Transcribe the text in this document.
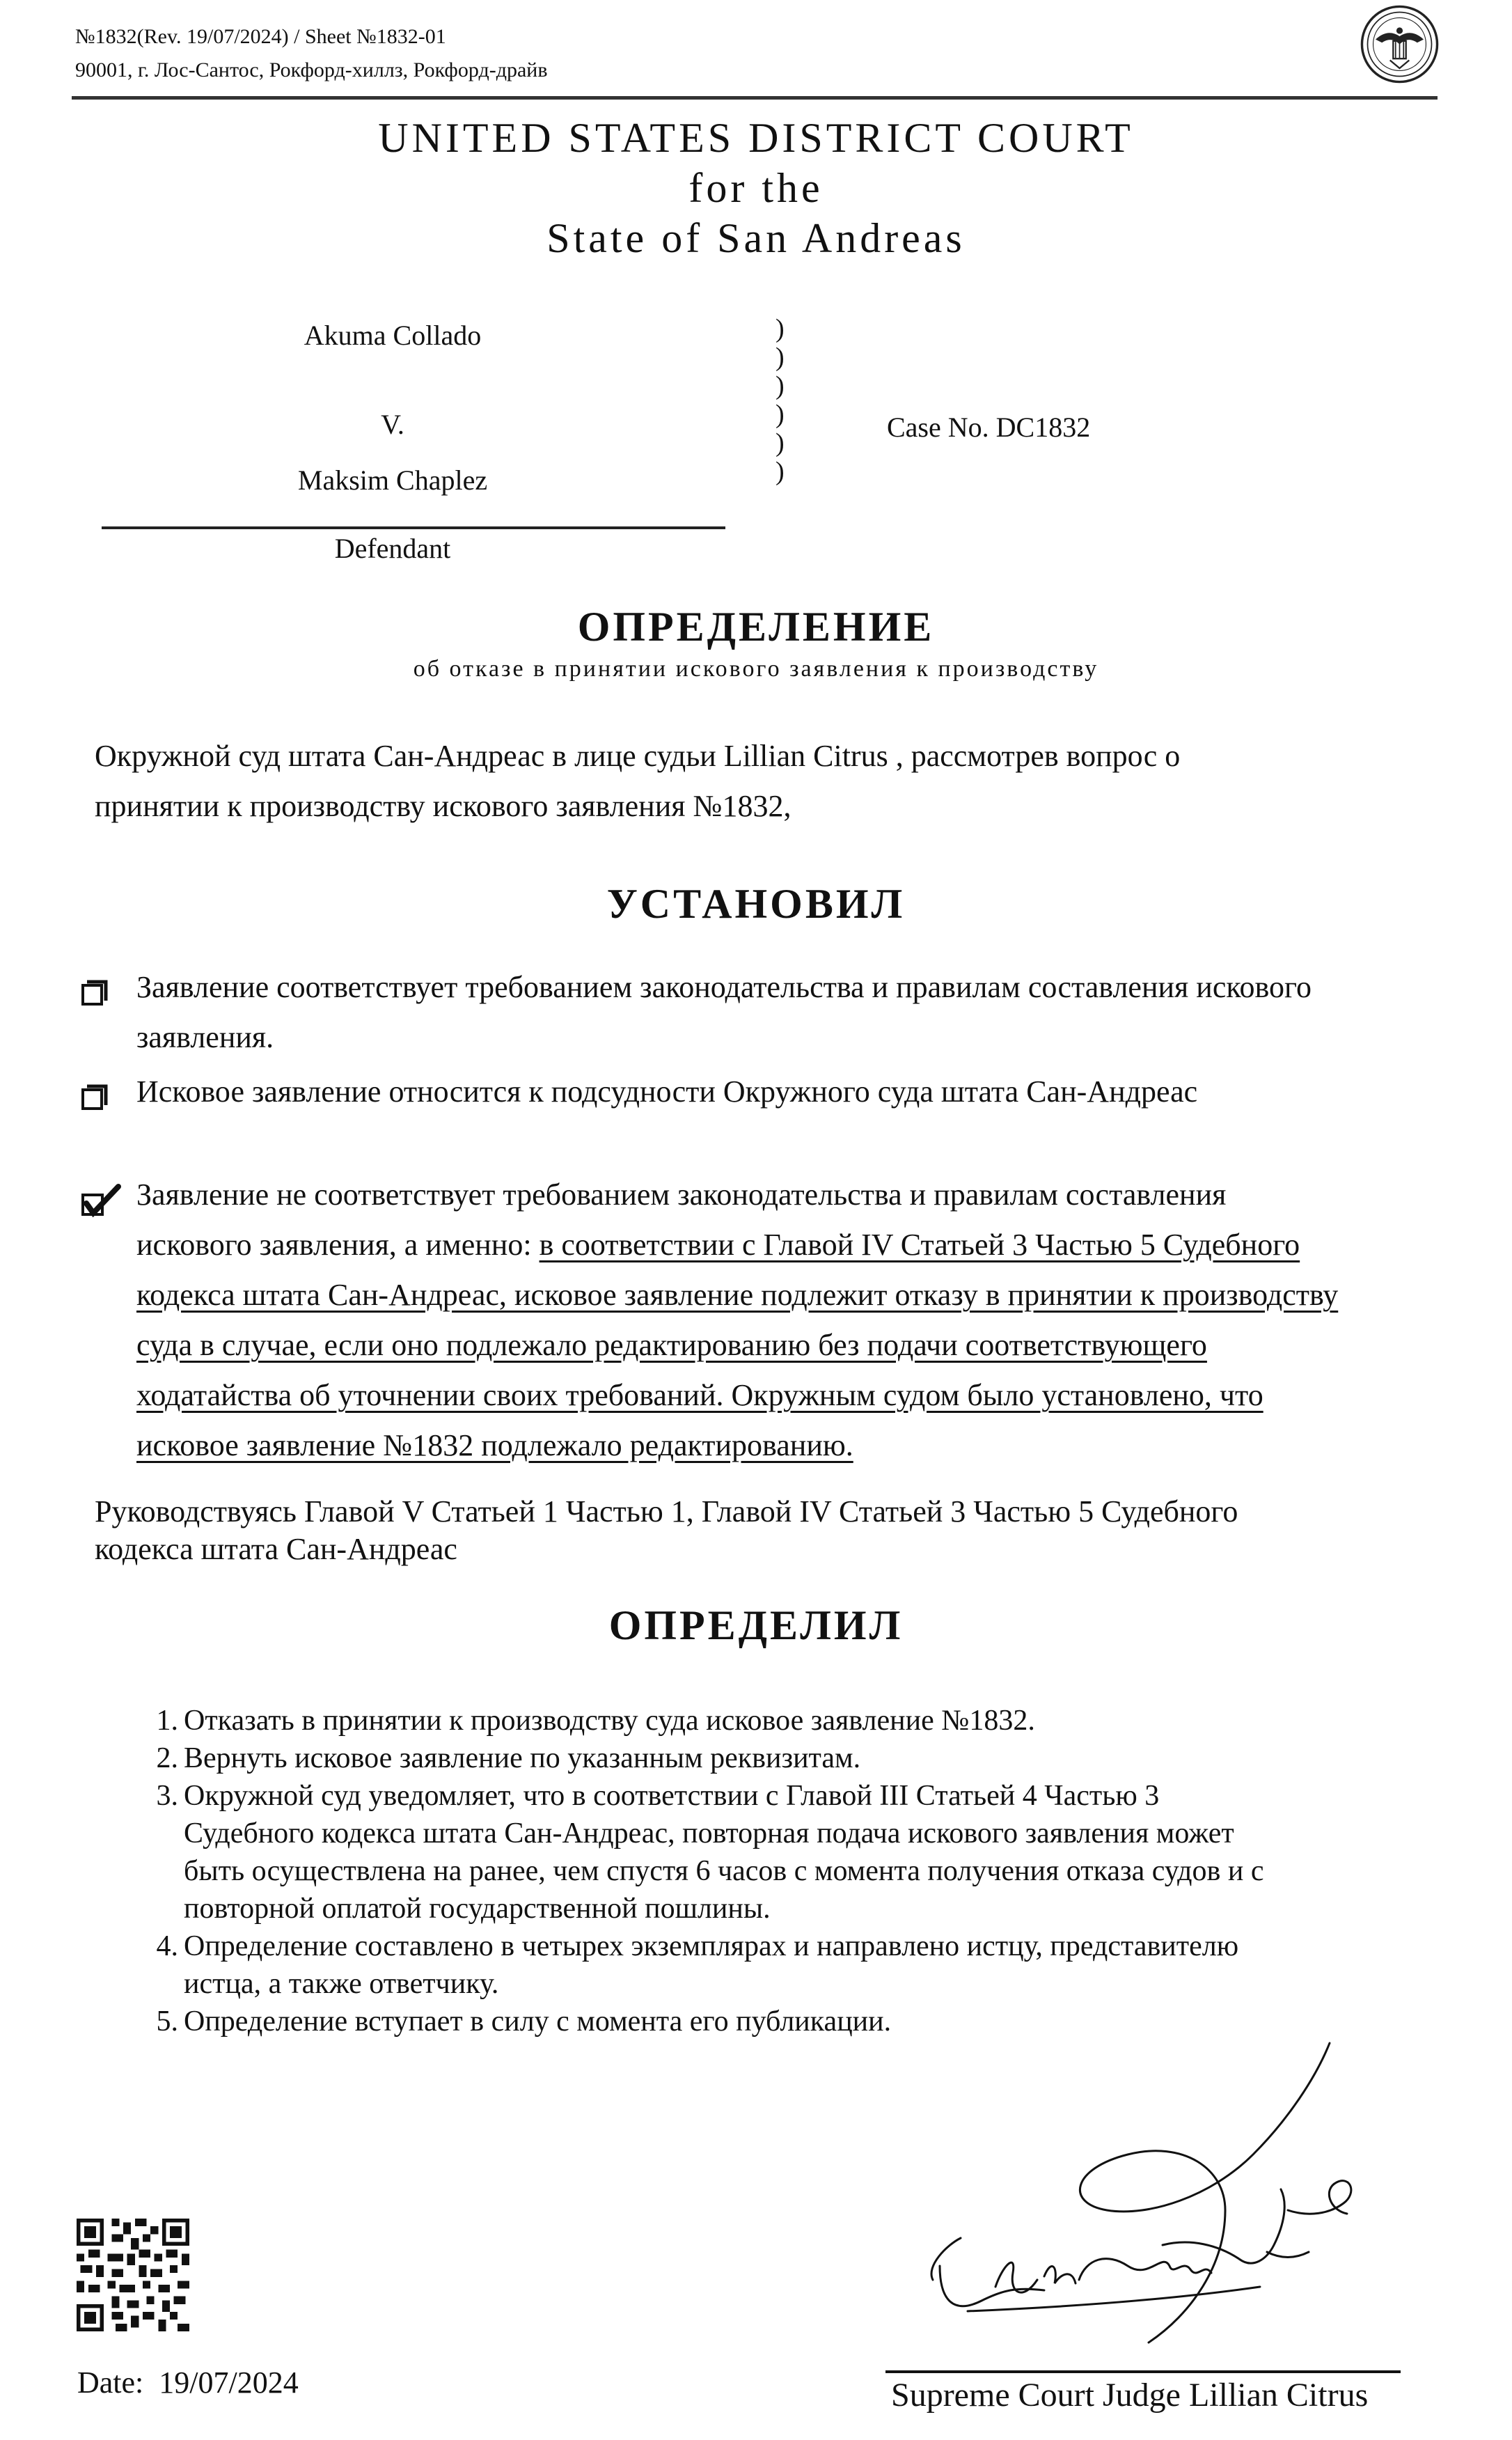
№1832(Rev. 19/07/2024) / Sheet №1832-01
90001, г. Лос-Сантос, Рокфорд-хиллз, Рокфорд-драйв
UNITED STATES DISTRICT COURT
for the
State of San Andreas
Akuma Collado
V.
Maksim Chaplez
Defendant
)
)
)
)
)
)
Case No. DC1832
ОПРЕДЕЛЕНИЕ
об отказе в принятии искового заявления к производству
Окружной суд штата Сан-Андреас в лице судьи Lillian Citrus , рассмотрев вопрос о
принятии к производству искового заявления №1832,
УСТАНОВИЛ
Заявление соответствует требованием законодательства и правилам составления искового
заявления.
Исковое заявление относится к подсудности Окружного суда штата Сан-Андреас
Заявление не соответствует требованием законодательства и правилам составления
искового заявления, а именно: в соответствии с Главой IV Статьей 3 Частью 5 Судебного
кодекса штата Сан-Андреас, исковое заявление подлежит отказу в принятии к производству
суда в случае, если оно подлежало редактированию без подачи соответствующего
ходатайства об уточнении своих требований. Окружным судом было установлено, что
исковое заявление №1832 подлежало редактированию.
Руководствуясь Главой V Статьей 1 Частью 1, Главой IV Статьей 3 Частью 5 Судебного
кодекса штата Сан-Андреас
ОПРЕДЕЛИЛ
1. Отказать в принятии к производству суда исковое заявление №1832.
2. Вернуть исковое заявление по указанным реквизитам.
3. Окружной суд уведомляет, что в соответствии с Главой III Статьей 4 Частью 3
Судебного кодекса штата Сан-Андреас, повторная подача искового заявления может
быть осуществлена на ранее, чем спустя 6 часов с момента получения отказа судов и с
повторной оплатой государственной пошлины.
4. Определение составлено в четырех экземплярах и направлено истцу, представителю
истца, а также ответчику.
5. Определение вступает в силу с момента его публикации.
Date: 19/07/2024	Supreme Court Judge Lillian Citrus
